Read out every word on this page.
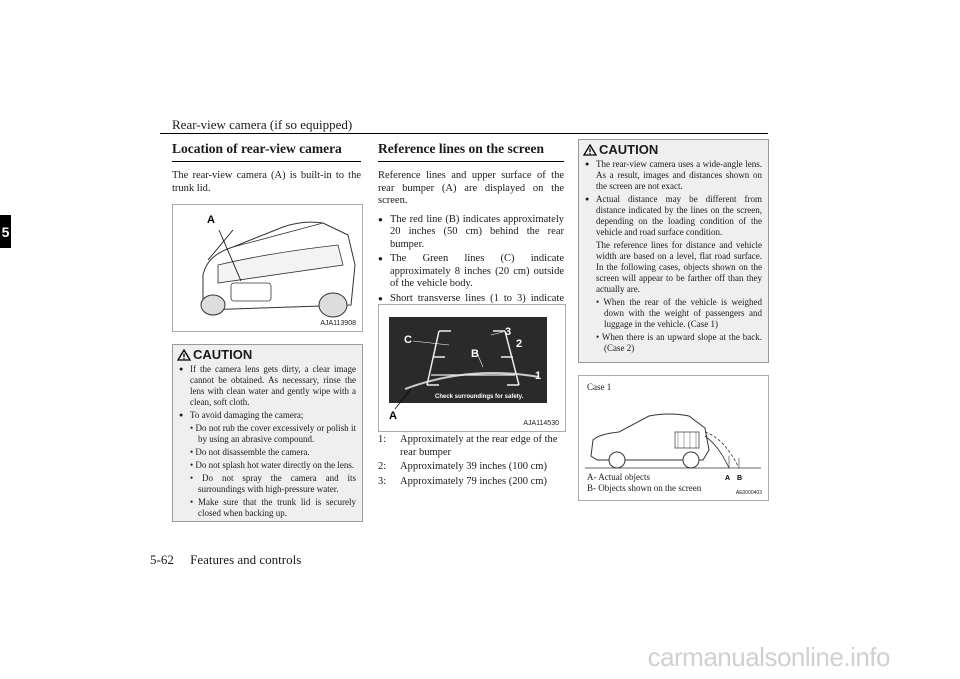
Rear-view camera (if so equipped)
5
Location of rear-view camera
The rear-view camera (A) is built-in to the trunk lid.
A
AJA113908
CAUTION
● If the camera lens gets dirty, a clear image cannot be obtained. As necessary, rinse the lens with clean water and gently wipe with a clean, soft cloth.
● To avoid damaging the camera;
• Do not rub the cover excessively or polish it by using an abrasive compound.
• Do not disassemble the camera.
• Do not splash hot water directly on the lens.
• Do not spray the camera and its surroundings with high-pressure water.
• Make sure that the trunk lid is securely closed when backing up.
Reference lines on the screen
Reference lines and upper surface of the rear bumper (A) are displayed on the screen.
● The red line (B) indicates approximately 20 inches (50 cm) behind the rear bumper.
● The Green lines (C) indicate approximately 8 inches (20 cm) outside of the vehicle body.
● Short transverse lines (1 to 3) indicate
C
B
3
2
1
Check surroundings for safety.
A
AJA114530
1:	Approximately at the rear edge of the rear bumper
2:	Approximately 39 inches (100 cm)
3:	Approximately 79 inches (200 cm)
CAUTION
● The rear-view camera uses a wide-angle lens. As a result, images and distances shown on the screen are not exact.
● Actual distance may be different from distance indicated by the lines on the screen, depending on the loading condition of the vehicle and road surface condition.
The reference lines for distance and vehicle width are based on a level, flat road surface. In the following cases, objects shown on the screen will appear to be farther off than they actually are.
• When the rear of the vehicle is weighed down with the weight of passengers and luggage in the vehicle. (Case 1)
• When there is an upward slope at the back. (Case 2)
Case 1
A B
A- Actual objects
B- Objects shown on the screen	AE0000403
5-62 Features and controls
carmanualsonline.info
